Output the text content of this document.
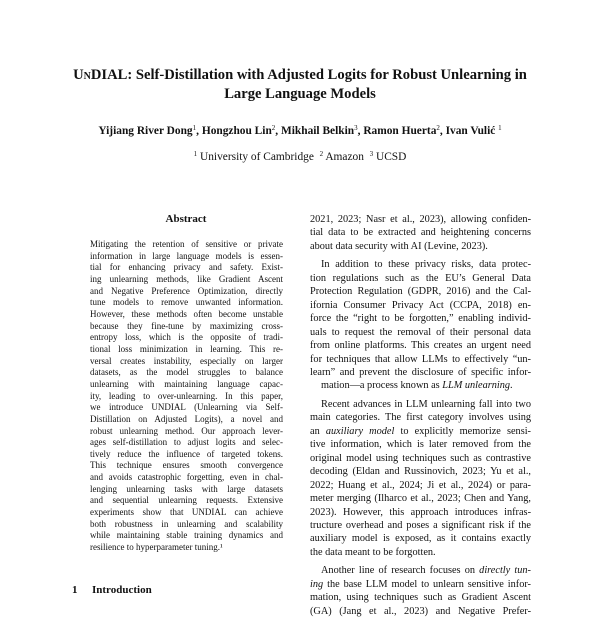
UnDIAL: Self-Distillation with Adjusted Logits for Robust Unlearning in
Large Language Models
Yijiang River Dong$^1$, Hongzhou Lin$^2$, Mikhail Belkin$^3$, Ramon Huerta$^2$, Ivan Vulić $^1$
$^1$ University of Cambridge $^2$ Amazon $^3$ UCSD
Abstract
Mitigating the retention of sensitive or private
information in large language models is essen-
tial for enhancing privacy and safety. Exist-
ing unlearning methods, like Gradient Ascent
and Negative Preference Optimization, directly
tune models to remove unwanted information.
However, these methods often become unstable
because they fine-tune by maximizing cross-
entropy loss, which is the opposite of tradi-
tional loss minimization in learning. This re-
versal creates instability, especially on larger
datasets, as the model struggles to balance
unlearning with maintaining language capac-
ity, leading to over-unlearning. In this paper,
we introduce UNDIAL (Unlearning via Self-
Distillation on Adjusted Logits), a novel and
robust unlearning method. Our approach lever-
ages self-distillation to adjust logits and selec-
tively reduce the influence of targeted tokens.
This technique ensures smooth convergence
and avoids catastrophic forgetting, even in chal-
lenging unlearning tasks with large datasets
and sequential unlearning requests. Extensive
experiments show that UNDIAL can achieve
both robustness in unlearning and scalability
while maintaining stable training dynamics and
resilience to hyperparameter tuning.¹
1 Introduction
2021, 2023; Nasr et al., 2023), allowing confiden-
tial data to be extracted and heightening concerns
about data security with AI (Levine, 2023).
In addition to these privacy risks, data protec-
tion regulations such as the EU’s General Data
Protection Regulation (GDPR, 2016) and the Cal-
ifornia Consumer Privacy Act (CCPA, 2018) en-
force the “right to be forgotten,” enabling individ-
uals to request the removal of their personal data
from online platforms. This creates an urgent need
for techniques that allow LLMs to effectively “un-
learn” and prevent the disclosure of specific infor-
mation—a process known as LLM unlearning.
Recent advances in LLM unlearning fall into two
main categories. The first category involves using
an auxiliary model to explicitly memorize sensi-
tive information, which is later removed from the
original model using techniques such as contrastive
decoding (Eldan and Russinovich, 2023; Yu et al.,
2022; Huang et al., 2024; Ji et al., 2024) or para-
meter merging (Ilharco et al., 2023; Chen and Yang,
2023). However, this approach introduces infras-
tructure overhead and poses a significant risk if the
auxiliary model is exposed, as it contains exactly
the data meant to be forgotten.
Another line of research focuses on directly tun-
ing the base LLM model to unlearn sensitive infor-
mation, using techniques such as Gradient Ascent
(GA) (Jang et al., 2023) and Negative Prefer-
